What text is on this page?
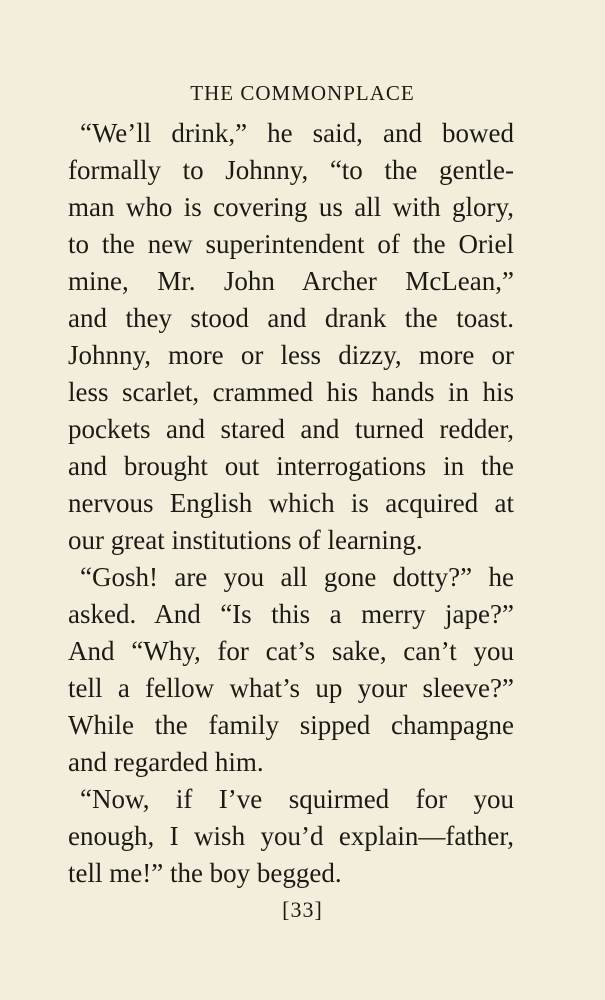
THE COMMONPLACE
“We’ll drink,” he said, and bowed
formally to Johnny, “to the gentle-
man who is covering us all with glory,
to the new superintendent of the Oriel
mine, Mr. John Archer McLean,”
and they stood and drank the toast.
Johnny, more or less dizzy, more or
less scarlet, crammed his hands in his
pockets and stared and turned redder,
and brought out interrogations in the
nervous English which is acquired at
our great institutions of learning.
“Gosh! are you all gone dotty?” he
asked. And “Is this a merry jape?”
And “Why, for cat’s sake, can’t you
tell a fellow what’s up your sleeve?”
While the family sipped champagne
and regarded him.
“Now, if I’ve squirmed for you
enough, I wish you’d explain—father,
tell me!” the boy begged.
[33]
